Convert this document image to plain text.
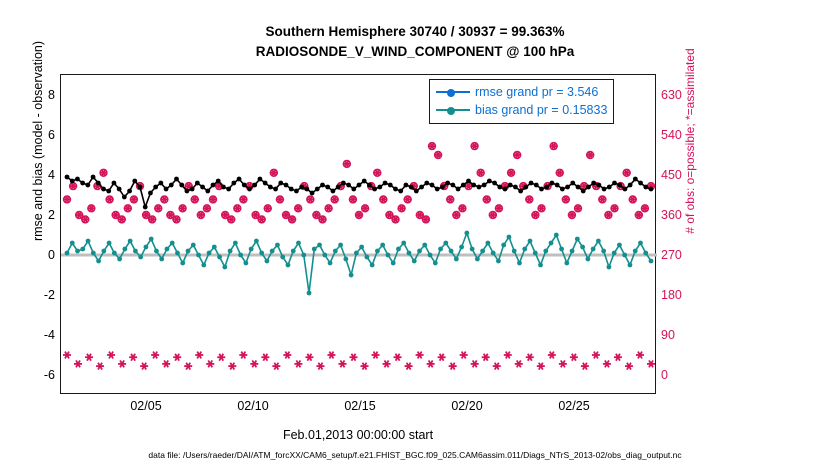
Southern Hemisphere 30740 / 30937 = 99.363%
RADIOSONDE_V_WIND_COMPONENT @ 100 hPa
8
6
4
2
0
-2
-4
-6
630
540
450
360
270
180
90
0
02/05	02/10	02/15	02/20	02/25
rmse grand pr = 3.546
bias grand pr = 0.15833
rmse and bias (model - observation)	# of obs: o=possible; *=assimilated
Feb.01,2013 00:00:00 start
data file: /Users/raeder/DAI/ATM_forcXX/CAM6_setup/f.e21.FHIST_BGC.f09_025.CAM6assim.011/Diags_NTrS_2013-02/obs_diag_output.nc
